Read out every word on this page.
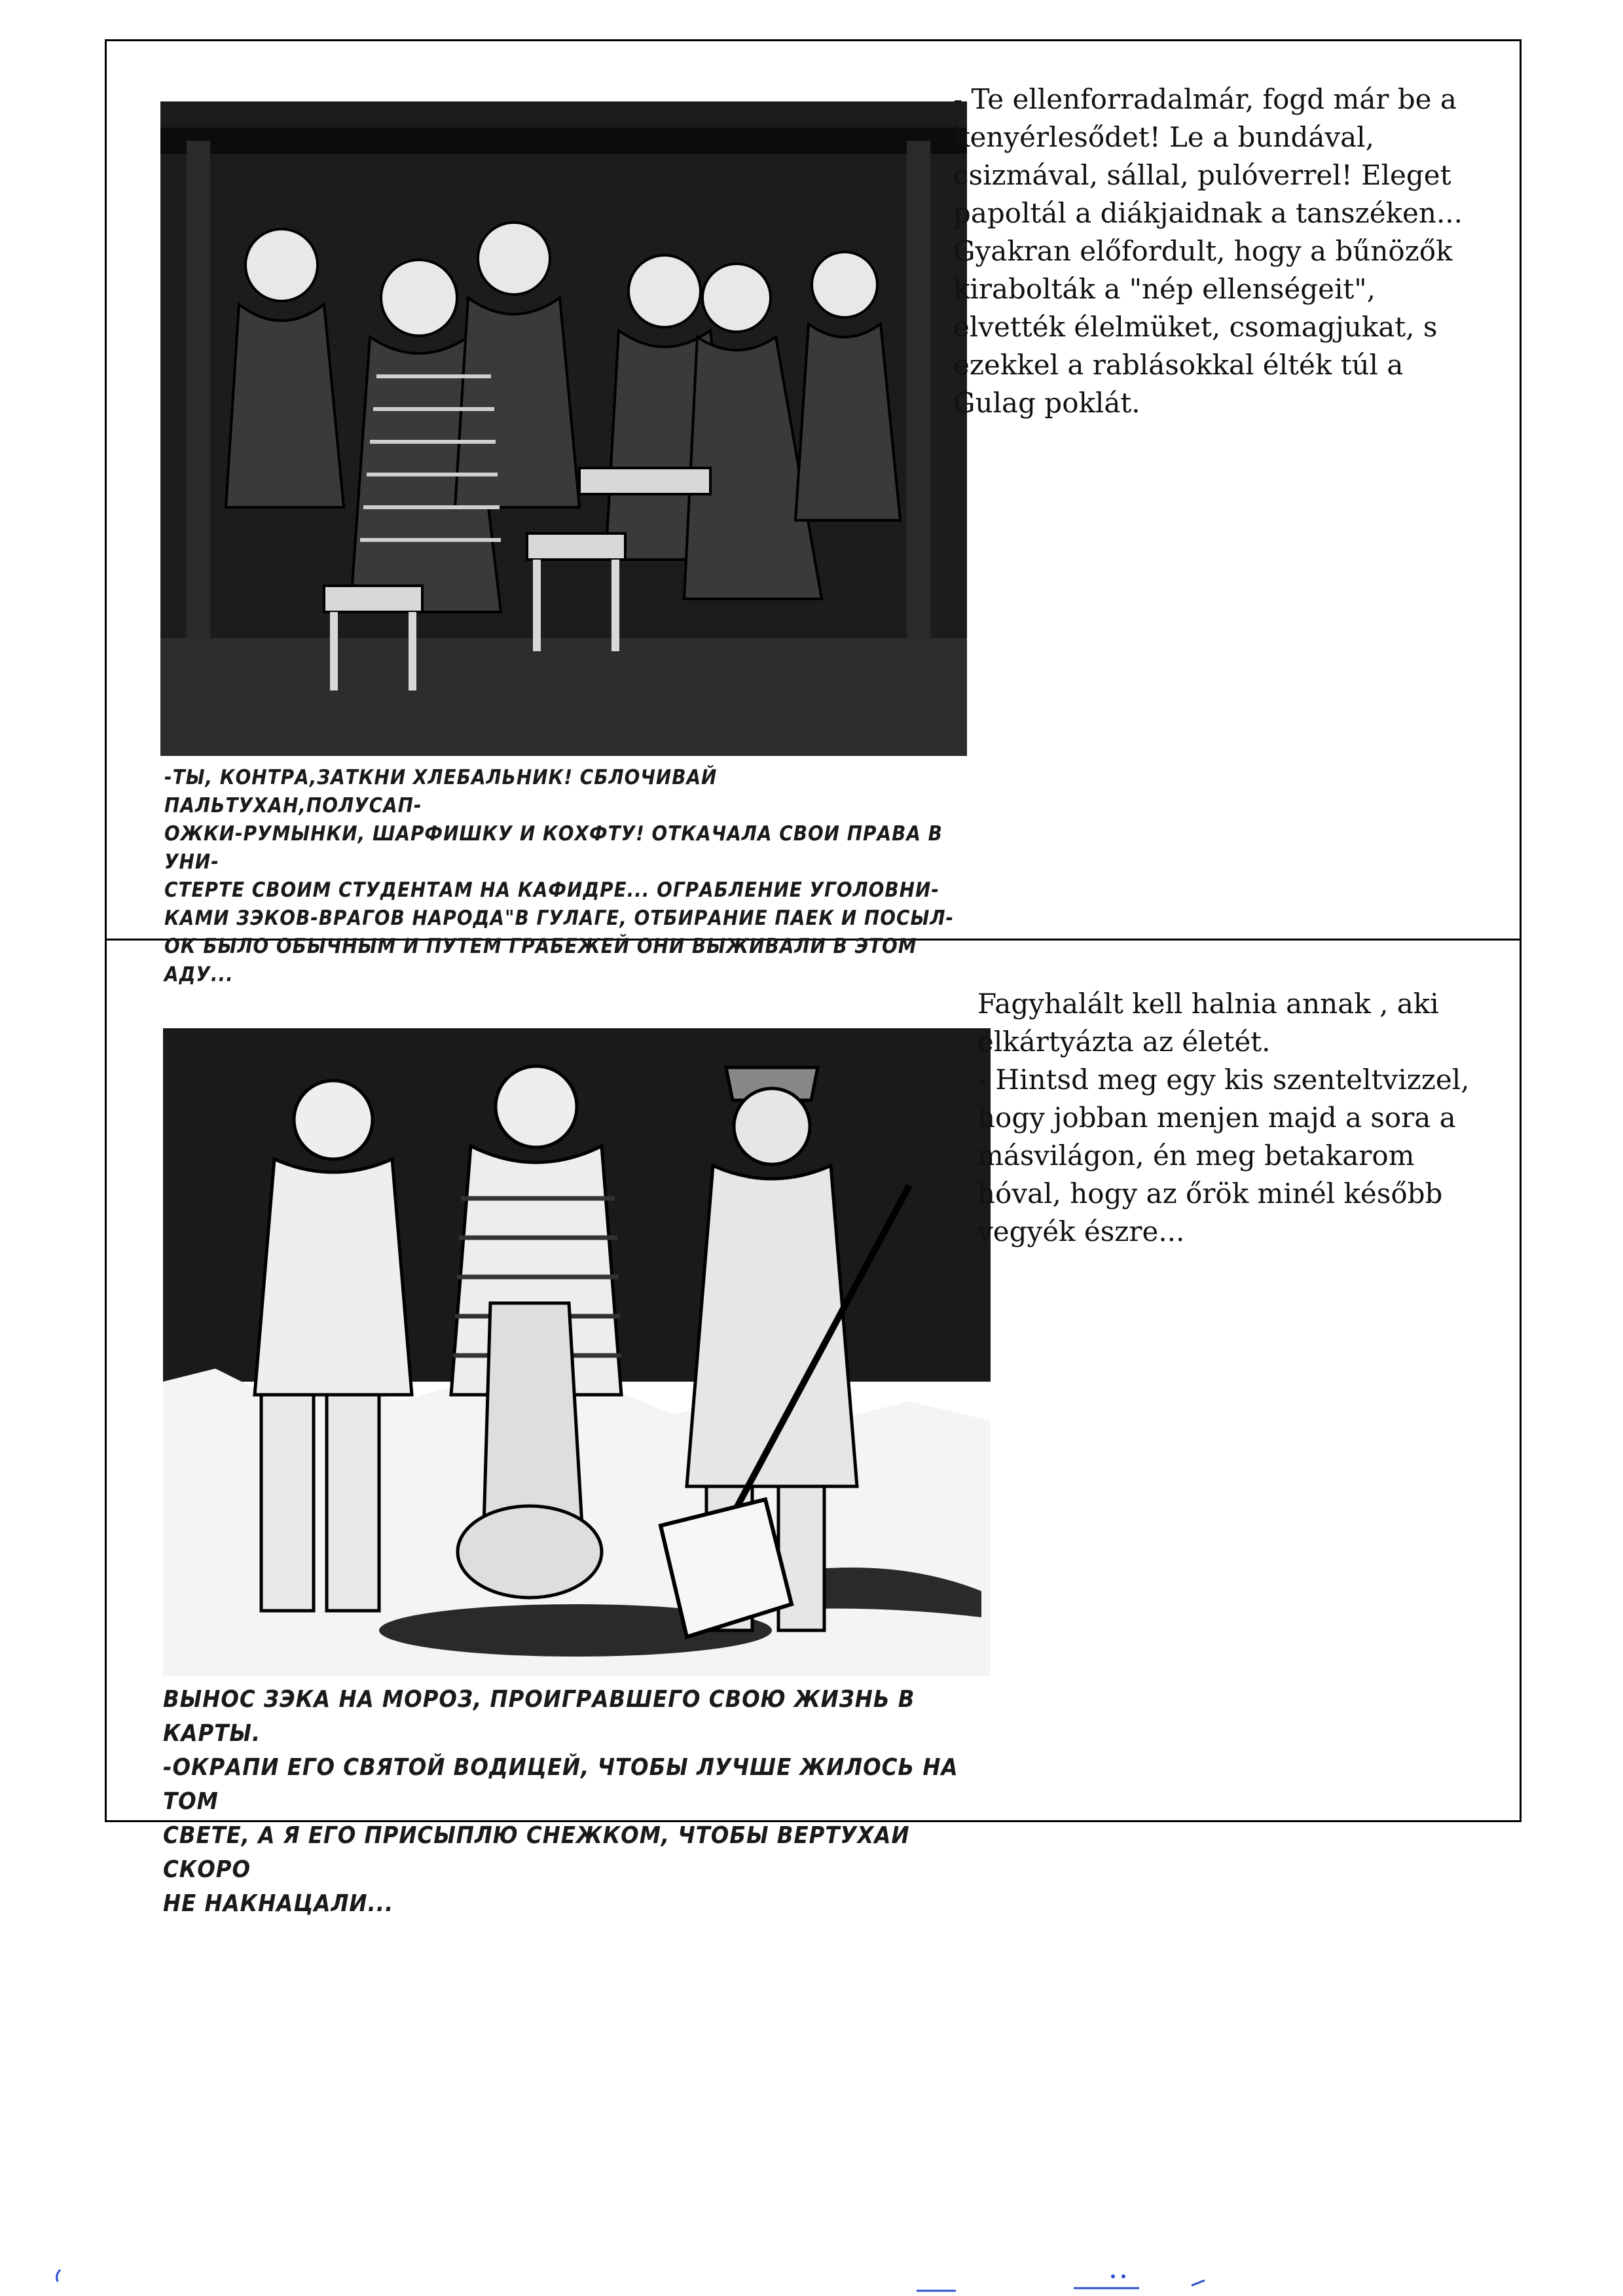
-ТЫ, КОНТРА,ЗАТКНИ ХЛЕБАЛЬНИК! СБЛОЧИВАЙ ПАЛЬТУХАН,ПОЛУСАП-
ОЖКИ-РУМЫНКИ, ШАРФИШКУ И КОХФТУ! ОТКАЧАЛА СВОИ ПРАВА В УНИ-
СТЕРТЕ СВОИМ СТУДЕНТАМ НА КАФИДРЕ... ОГРАБЛЕНИЕ УГОЛОВНИ-
КАМИ ЗЭКОВ-ВРАГОВ НАРОДА"В ГУЛАГЕ, ОТБИРАНИЕ ПАЕК И ПОСЫЛ-
ОК БЫЛО ОБЫЧНЫМ И ПУТЕМ ГРАБЕЖЕЙ ОНИ ВЫЖИВАЛИ В ЭТОМ АДУ...
- Te ellenforradalmár, fogd már be a
kenyérlesődet! Le a bundával,
csizmával, sállal, pulóverrel! Eleget
papoltál a diákjaidnak a tanszéken...
Gyakran előfordult, hogy a bűnözők
kirabolták a "nép ellenségeit",
elvették élelmüket, csomagjukat, s
ezekkel a rablásokkal élték túl a
Gulag poklát.
ВЫНОС ЗЭКА НА МОРОЗ, ПРОИГРАВШЕГО СВОЮ ЖИЗНЬ В КАРТЫ.
-ОКРАПИ ЕГО СВЯТОЙ ВОДИЦЕЙ, ЧТОБЫ ЛУЧШЕ ЖИЛОСЬ НА ТОМ
СВЕТЕ, А Я ЕГО ПРИСЫПЛЮ СНЕЖКОМ, ЧТОБЫ ВЕРТУХАИ СКОРО
НЕ НАКНАЦАЛИ...
Fagyhalált kell halnia annak , aki
elkártyázta az életét.
- Hintsd meg egy kis szenteltvizzel,
hogy jobban menjen majd a sora a
másvilágon, én meg betakarom
hóval, hogy az őrök minél később
vegyék észre...
